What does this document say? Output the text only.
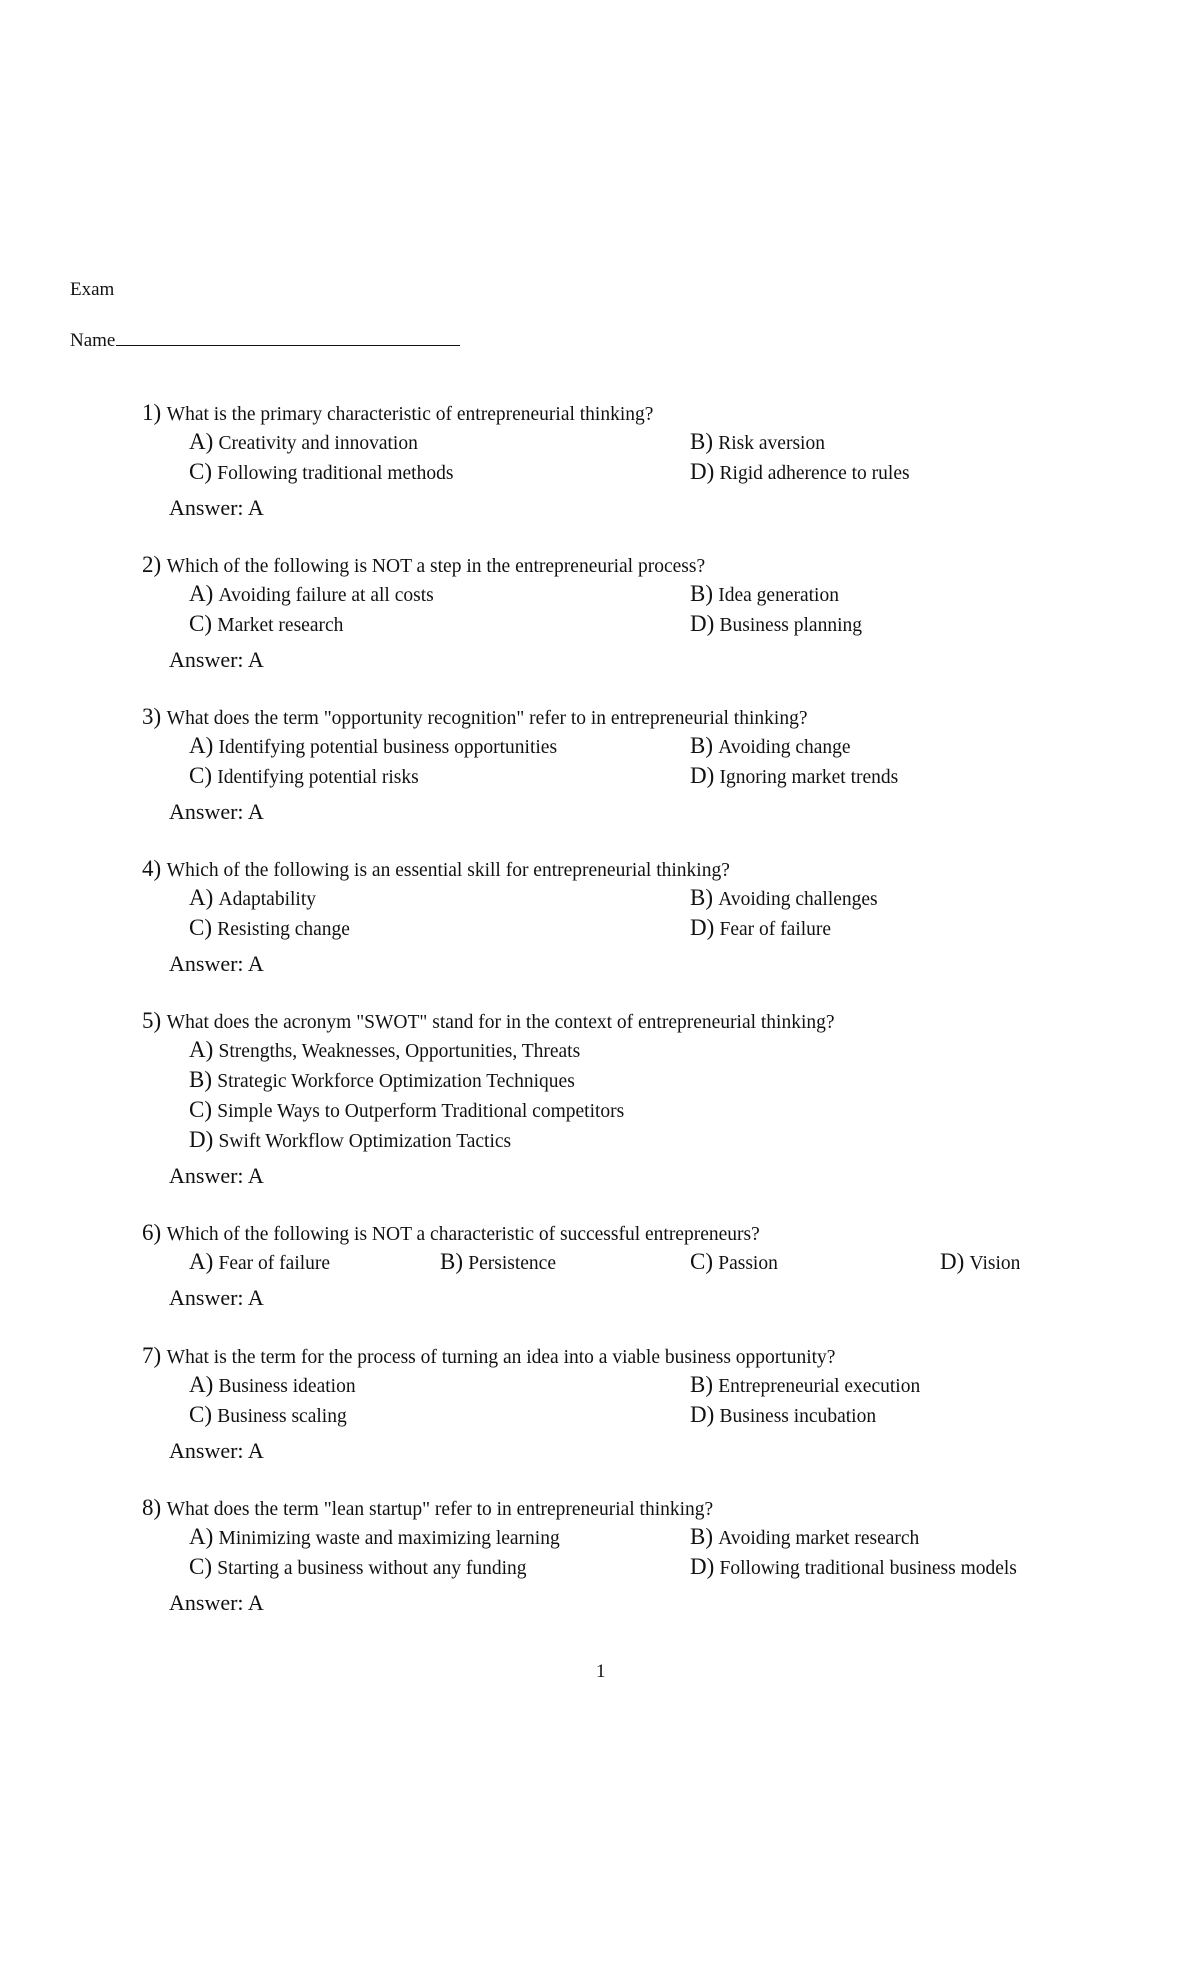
Exam
Name
1) What is the primary characteristic of entrepreneurial thinking?
A) Creativity and innovation	B) Risk aversion
C) Following traditional methods	D) Rigid adherence to rules
Answer: A
2) Which of the following is NOT a step in the entrepreneurial process?
A) Avoiding failure at all costs	B) Idea generation
C) Market research	D) Business planning
Answer: A
3) What does the term "opportunity recognition" refer to in entrepreneurial thinking?
A) Identifying potential business opportunities	B) Avoiding change
C) Identifying potential risks	D) Ignoring market trends
Answer: A
4) Which of the following is an essential skill for entrepreneurial thinking?
A) Adaptability	B) Avoiding challenges
C) Resisting change	D) Fear of failure
Answer: A
5) What does the acronym "SWOT" stand for in the context of entrepreneurial thinking?
A) Strengths, Weaknesses, Opportunities, Threats
B) Strategic Workforce Optimization Techniques
C) Simple Ways to Outperform Traditional competitors
D) Swift Workflow Optimization Tactics
Answer: A
6) Which of the following is NOT a characteristic of successful entrepreneurs?
A) Fear of failure	B) Persistence	C) Passion	D) Vision
Answer: A
7) What is the term for the process of turning an idea into a viable business opportunity?
A) Business ideation	B) Entrepreneurial execution
C) Business scaling	D) Business incubation
Answer: A
8) What does the term "lean startup" refer to in entrepreneurial thinking?
A) Minimizing waste and maximizing learning	B) Avoiding market research
C) Starting a business without any funding	D) Following traditional business models
Answer: A
1
